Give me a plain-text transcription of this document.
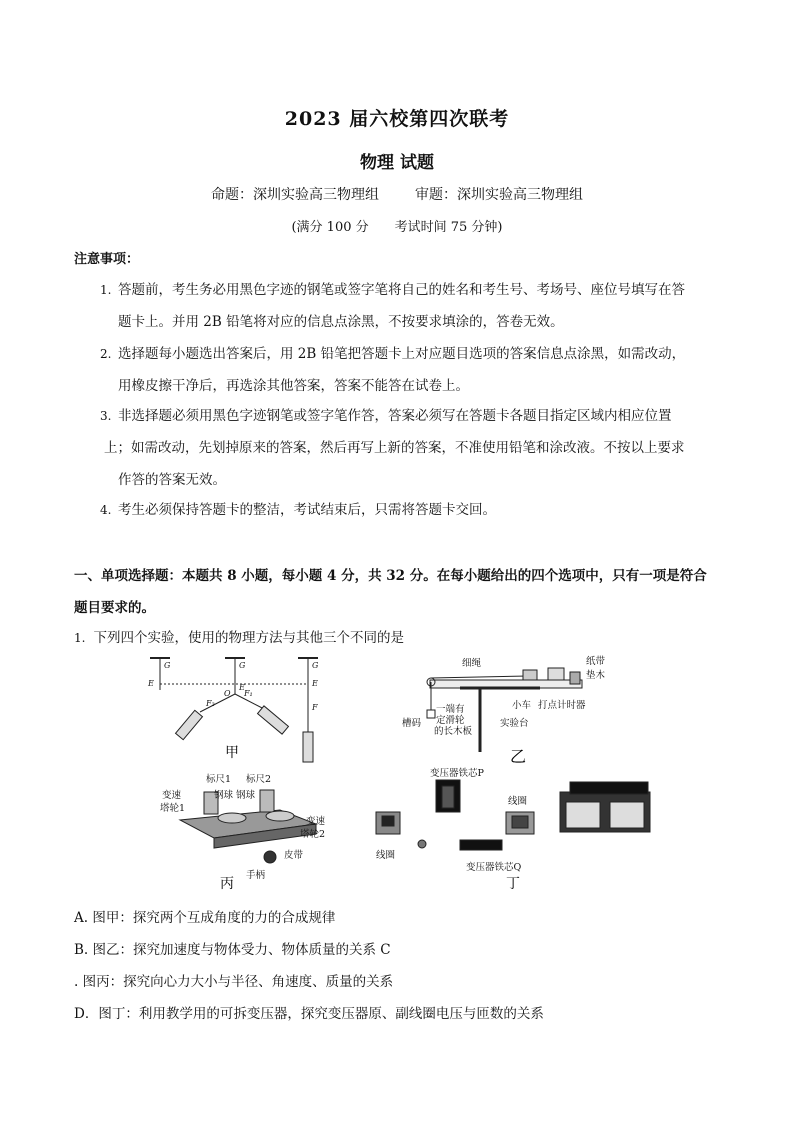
2023 届六校第四次联考
物理 试题
命题：深圳实验高三物理组	审题：深圳实验高三物理组
(满分 100 分 考试时间 75 分钟)
注意事项：
1. 答题前，考生务必用黑色字迹的钢笔或签字笔将自己的姓名和考生号、考场号、座位号填写在答
题卡上。并用 2B 铅笔将对应的信息点涂黑，不按要求填涂的，答卷无效。
2. 选择题每小题选出答案后，用 2B 铅笔把答题卡上对应题目选项的答案信息点涂黑，如需改动，
用橡皮擦干净后，再选涂其他答案，答案不能答在试卷上。
3. 非选择题必须用黑色字迹钢笔或签字笔作答，答案必须写在答题卡各题目指定区域内相应位置
上；如需改动，先划掉原来的答案，然后再写上新的答案，不准使用铅笔和涂改液。不按以上要求
作答的答案无效。
4. 考生必须保持答题卡的整洁，考试结束后，只需将答题卡交回。
一、单项选择题：本题共 8 小题，每小题 4 分，共 32 分。在每小题给出的四个选项中，只有一项是符合
题目要求的。
1. 下列四个实验，使用的物理方法与其他三个不同的是
G	G	G
E	E	E
O F₁
F₂	F
甲
细绳	纸带
垫木
小车 打点计时器
槽码
一端有
定滑轮
的长木板
实验台
乙
标尺1 标尺2
钢球 钢球
变速
塔轮1
变速
塔轮2
皮带
手柄
丙
变压器铁芯P
线圈
线圈
变压器铁芯Q
丁
A. 图甲：探究两个互成角度的力的合成规律
B. 图乙：探究加速度与物体受力、物体质量的关系 C
. 图丙：探究向心力大小与半径、角速度、质量的关系
D．图丁：利用教学用的可拆变压器，探究变压器原、副线圈电压与匝数的关系
